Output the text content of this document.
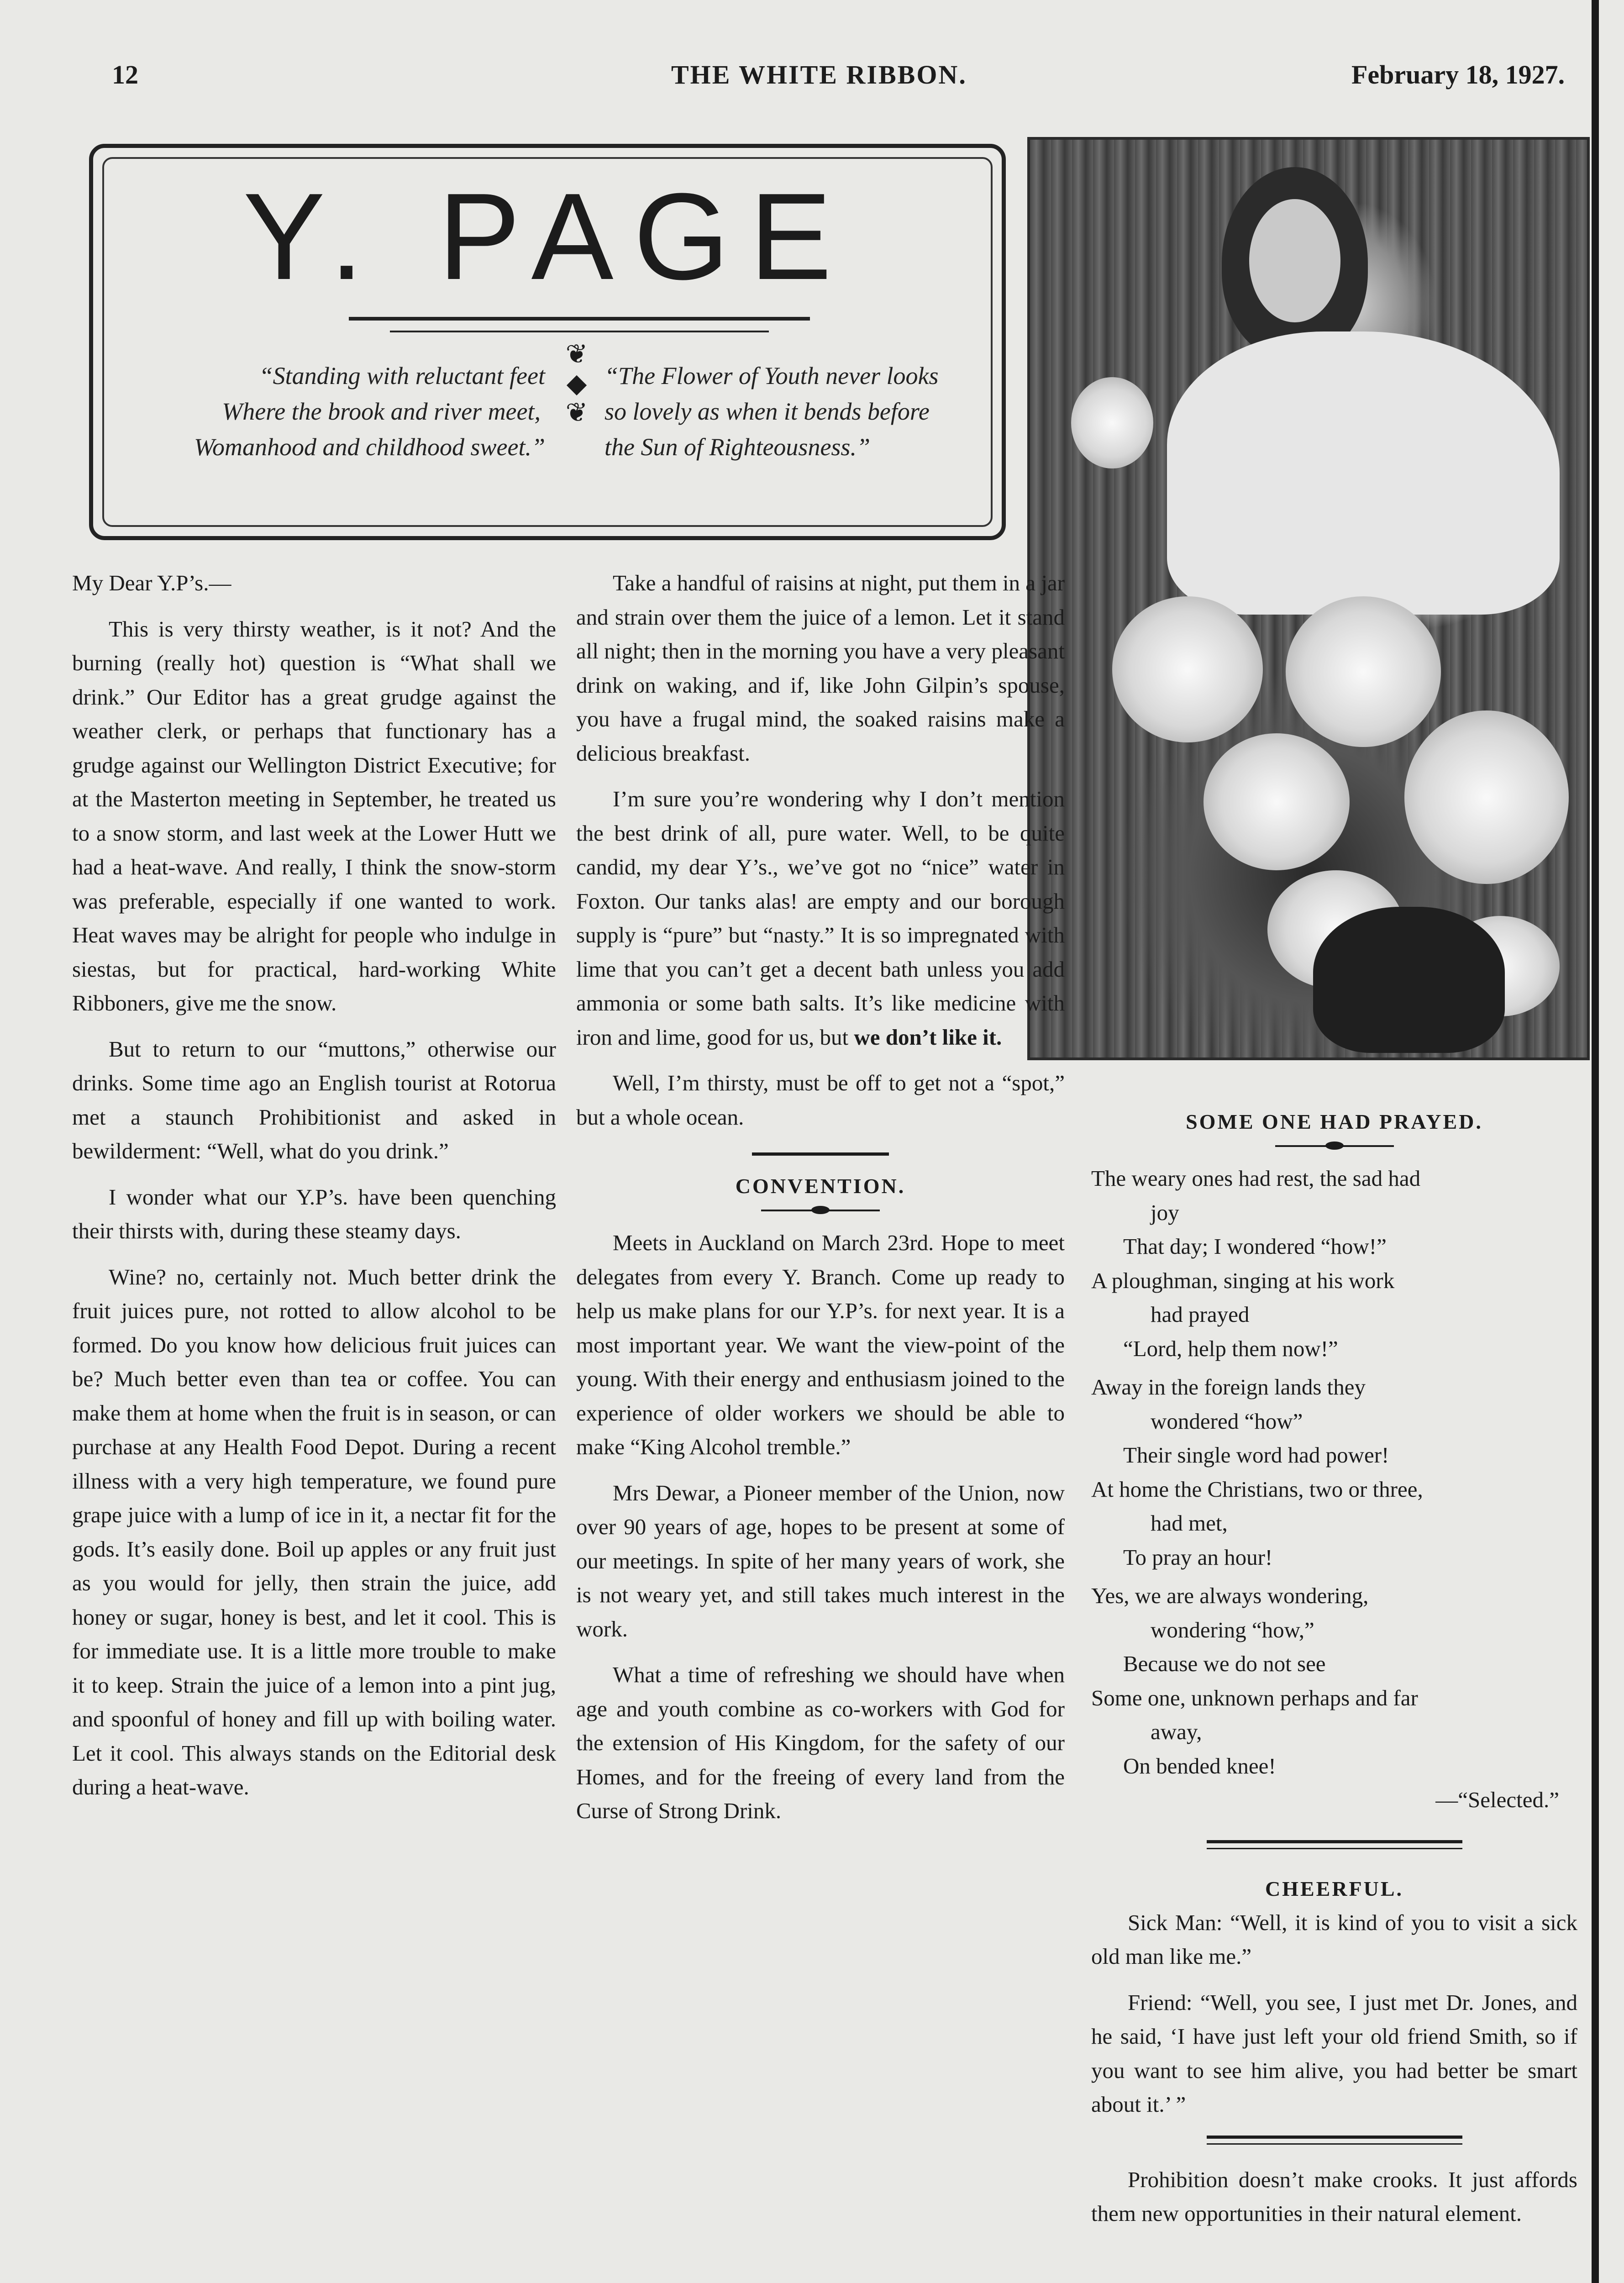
12	THE WHITE RIBBON.	February 18, 1927.
Y. PAGE
❦
◆
❦
“Standing with reluctant feet
Where the brook and river meet,
Womanhood and childhood sweet.”
“The Flower of Youth never looks
so lovely as when it bends before
the Sun of Righteousness.”

My Dear Y.P’s.—

This is very thirsty weather, is it not? And the burning (really hot) question is “What shall we drink.” Our Editor has a great grudge against the weather clerk, or perhaps that functionary has a grudge against our Wellington District Executive; for at the Masterton meeting in September, he treated us to a snow storm, and last week at the Lower Hutt we had a heat-wave. And really, I think the snow-storm was preferable, especially if one wanted to work. Heat waves may be alright for people who indulge in siestas, but for practical, hard-working White Ribboners, give me the snow.

But to return to our “muttons,” otherwise our drinks. Some time ago an English tourist at Rotorua met a staunch Prohibitionist and asked in bewilderment: “Well, what do you drink.”

I wonder what our Y.P’s. have been quenching their thirsts with, during these steamy days.

Wine? no, certainly not. Much better drink the fruit juices pure, not rotted to allow alcohol to be formed. Do you know how delicious fruit juices can be? Much better even than tea or coffee. You can make them at home when the fruit is in season, or can purchase at any Health Food Depot. During a recent illness with a very high temperature, we found pure grape juice with a lump of ice in it, a nectar fit for the gods. It’s easily done. Boil up apples or any fruit just as you would for jelly, then strain the juice, add honey or sugar, honey is best, and let it cool. This is for immediate use. It is a little more trouble to make it to keep. Strain the juice of a lemon into a pint jug, and spoonful of honey and fill up with boiling water. Let it cool. This always stands on the Editorial desk during a heat-wave.

Take a handful of raisins at night, put them in a jar and strain over them the juice of a lemon. Let it stand all night; then in the morning you have a very pleasant drink on waking, and if, like John Gilpin’s spouse, you have a frugal mind, the soaked raisins make a delicious breakfast.

I’m sure you’re wondering why I don’t mention the best drink of all, pure water. Well, to be quite candid, my dear Y’s., we’ve got no “nice” water in Foxton. Our tanks alas! are empty and our borough supply is “pure” but “nasty.” It is so impregnated with lime that you can’t get a decent bath unless you add ammonia or some bath salts. It’s like medicine with iron and lime, good for us, but we don’t like it.

Well, I’m thirsty, must be off to get not a “spot,” but a whole ocean.

CONVENTION.

Meets in Auckland on March 23rd. Hope to meet delegates from every Y. Branch. Come up ready to help us make plans for our Y.P’s. for next year. It is a most important year. We want the view-point of the young. With their energy and enthusiasm joined to the experience of older workers we should be able to make “King Alcohol tremble.”

Mrs Dewar, a Pioneer member of the Union, now over 90 years of age, hopes to be present at some of our meetings. In spite of her many years of work, she is not weary yet, and still takes much interest in the work.

What a time of refreshing we should have when age and youth combine as co-workers with God for the extension of His Kingdom, for the safety of our Homes, and for the freeing of every land from the Curse of Strong Drink.

SOME ONE HAD PRAYED.
The weary ones had rest, the sad had
joy
That day; I wondered “how!”
A ploughman, singing at his work
had prayed
“Lord, help them now!”
Away in the foreign lands they
wondered “how”
Their single word had power!
At home the Christians, two or three,
had met,
To pray an hour!
Yes, we are always wondering,
wondering “how,”
Because we do not see
Some one, unknown perhaps and far
away,
On bended knee!
—“Selected.”
CHEERFUL.

Sick Man: “Well, it is kind of you to visit a sick old man like me.”

Friend: “Well, you see, I just met Dr. Jones, and he said, ‘I have just left your old friend Smith, so if you want to see him alive, you had better be smart about it.’ ”

Prohibition doesn’t make crooks. It just affords them new opportunities in their natural element.
